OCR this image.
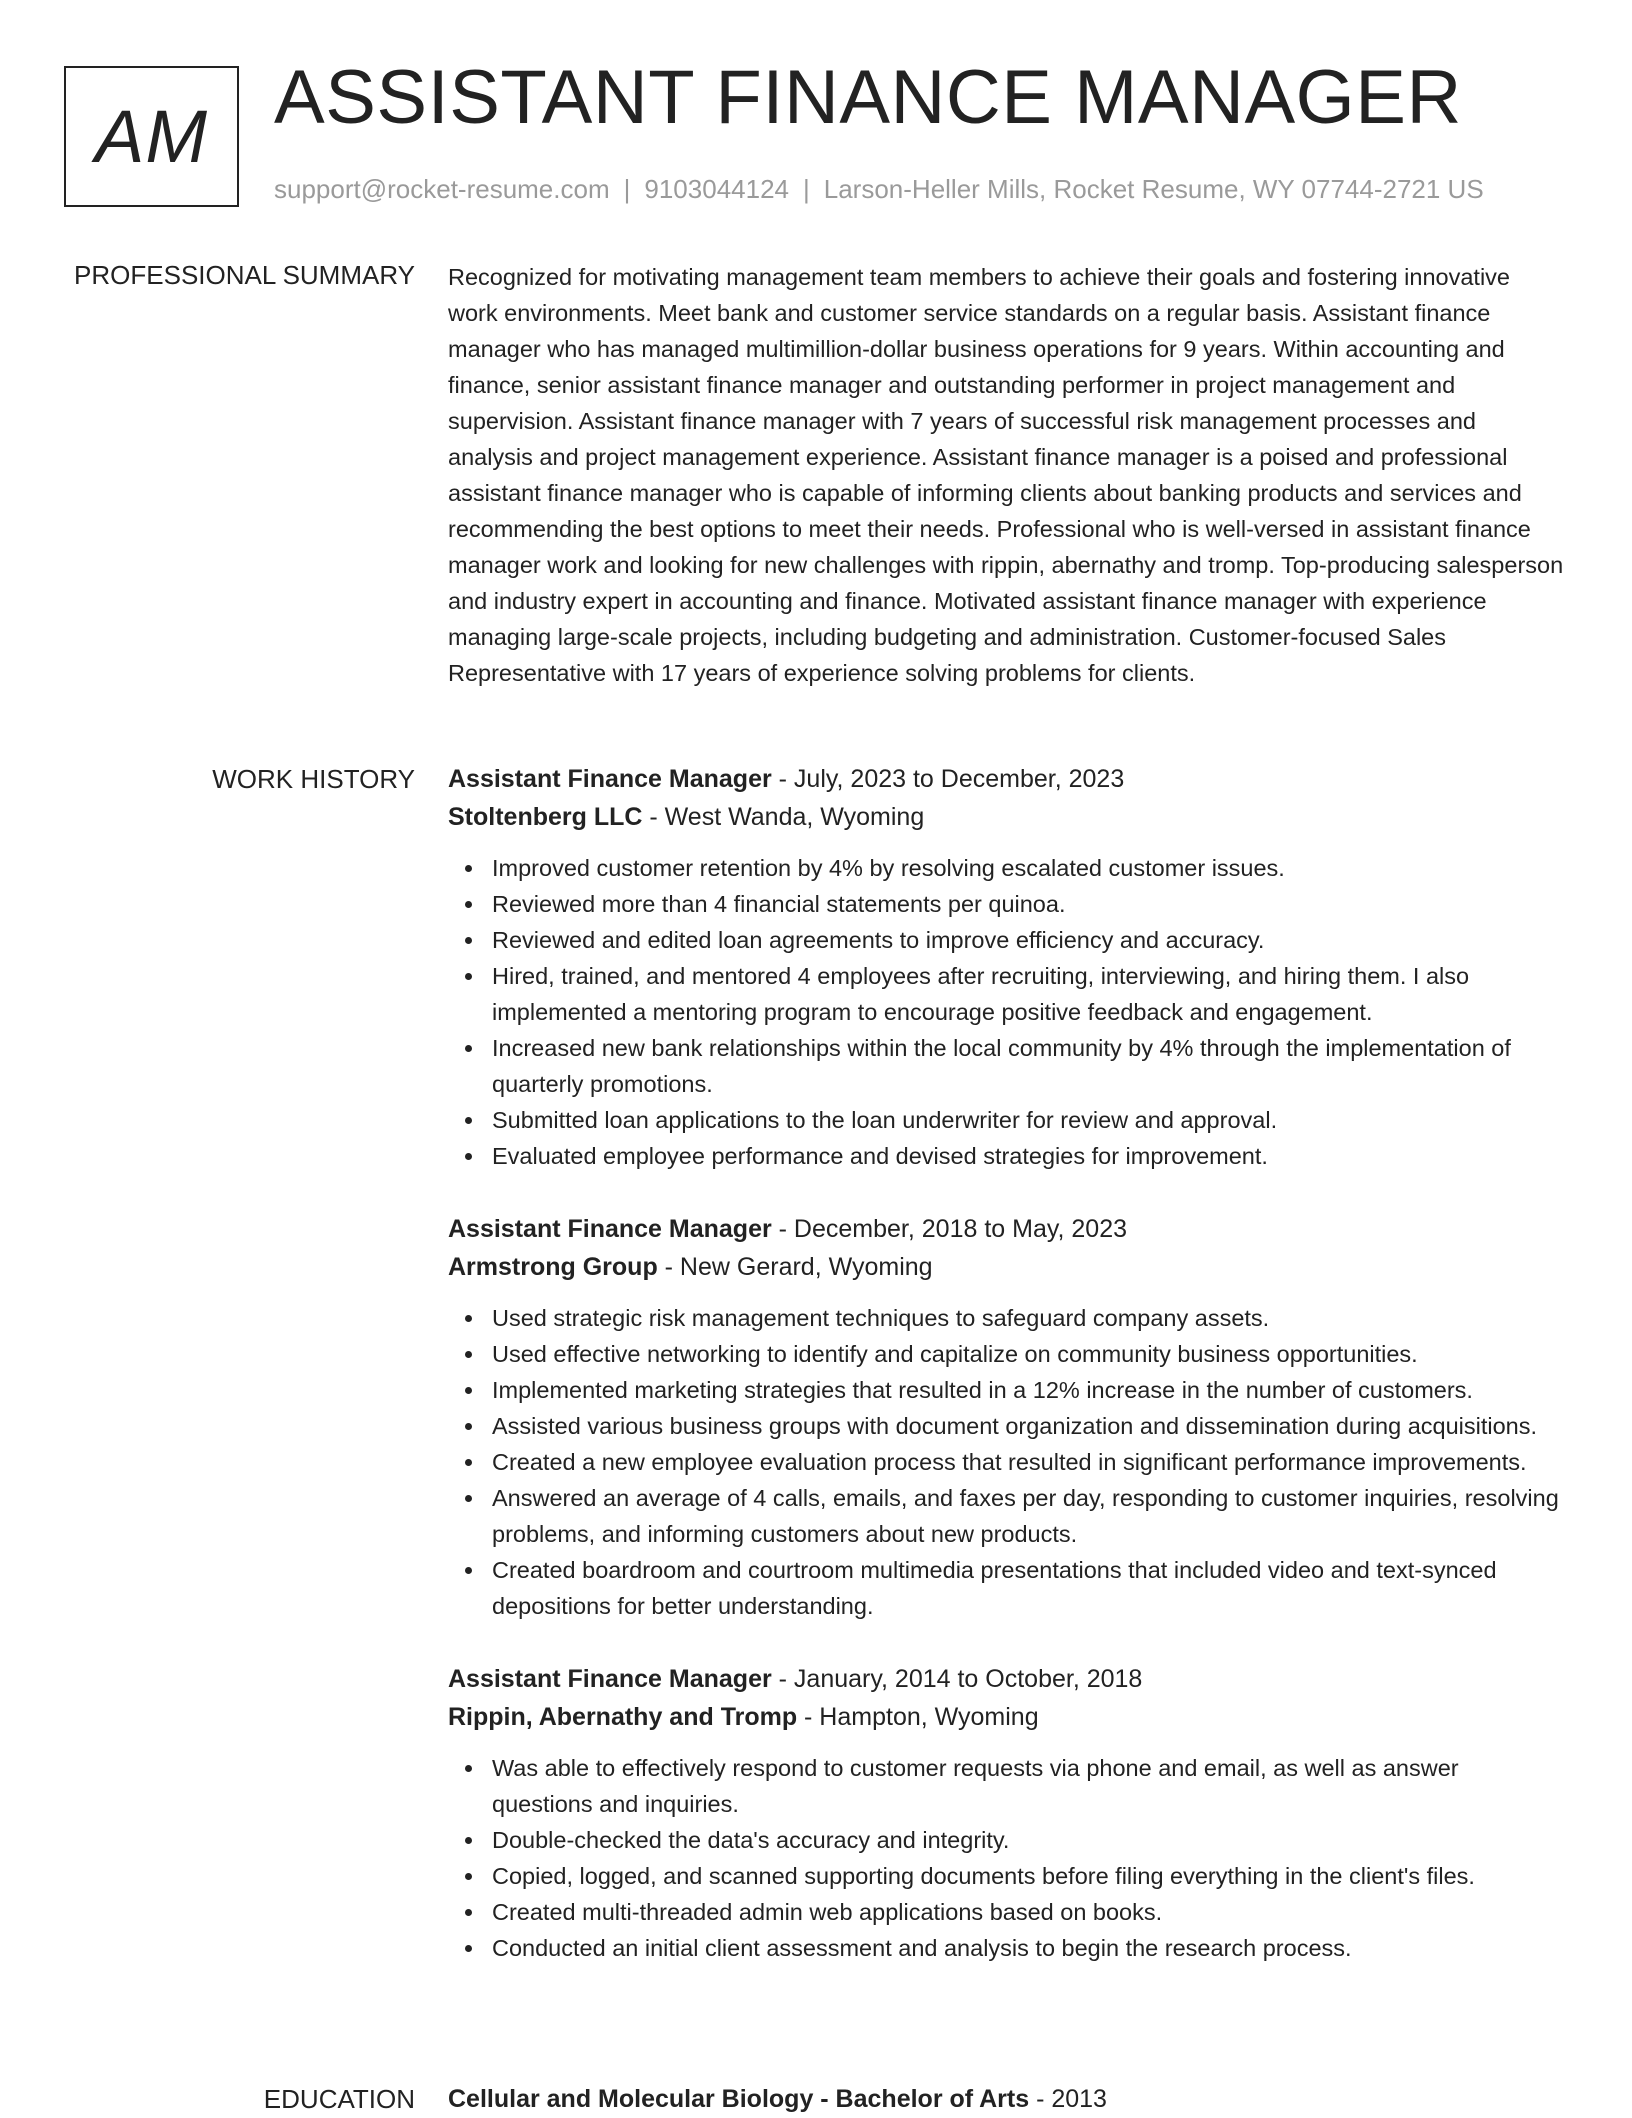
AM ASSISTANT FINANCE MANAGER
support@rocket-resume.com | 9103044124 | Larson-Heller Mills, Rocket Resume, WY 07744-2721 US
PROFESSIONAL SUMMARY Recognized for motivating management team members to achieve their goals and fostering innovative work environments. Meet bank and customer service standards on a regular basis. Assistant finance manager who has managed multimillion-dollar business operations for 9 years. Within accounting and finance, senior assistant finance manager and outstanding performer in project management and supervision. Assistant finance manager with 7 years of successful risk management processes and analysis and project management experience. Assistant finance manager is a poised and professional assistant finance manager who is capable of informing clients about banking products and services and recommending the best options to meet their needs. Professional who is well-versed in assistant finance manager work and looking for new challenges with rippin, abernathy and tromp. Top-producing salesperson and industry expert in accounting and finance. Motivated assistant finance manager with experience managing large-scale projects, including budgeting and administration. Customer-focused Sales Representative with 17 years of experience solving problems for clients.

WORK HISTORY Assistant Finance Manager - July, 2023 to December, 2023
Stoltenberg LLC - West Wanda, Wyoming
Improved customer retention by 4% by resolving escalated customer issues.
Reviewed more than 4 financial statements per quinoa.
Reviewed and edited loan agreements to improve efficiency and accuracy.
Hired, trained, and mentored 4 employees after recruiting, interviewing, and hiring them. I also implemented a mentoring program to encourage positive feedback and engagement.
Increased new bank relationships within the local community by 4% through the implementation of quarterly promotions.
Submitted loan applications to the loan underwriter for review and approval.
Evaluated employee performance and devised strategies for improvement.
Assistant Finance Manager - December, 2018 to May, 2023
Armstrong Group - New Gerard, Wyoming
Used strategic risk management techniques to safeguard company assets.
Used effective networking to identify and capitalize on community business opportunities.
Implemented marketing strategies that resulted in a 12% increase in the number of customers.
Assisted various business groups with document organization and dissemination during acquisitions.
Created a new employee evaluation process that resulted in significant performance improvements.
Answered an average of 4 calls, emails, and faxes per day, responding to customer inquiries, resolving problems, and informing customers about new products.
Created boardroom and courtroom multimedia presentations that included video and text-synced depositions for better understanding.
Assistant Finance Manager - January, 2014 to October, 2018
Rippin, Abernathy and Tromp - Hampton, Wyoming
Was able to effectively respond to customer requests via phone and email, as well as answer questions and inquiries.
Double-checked the data's accuracy and integrity.
Copied, logged, and scanned supporting documents before filing everything in the client's files.
Created multi-threaded admin web applications based on books.
Conducted an initial client assessment and analysis to begin the research process.
EDUCATION Cellular and Molecular Biology - Bachelor of Arts - 2013
